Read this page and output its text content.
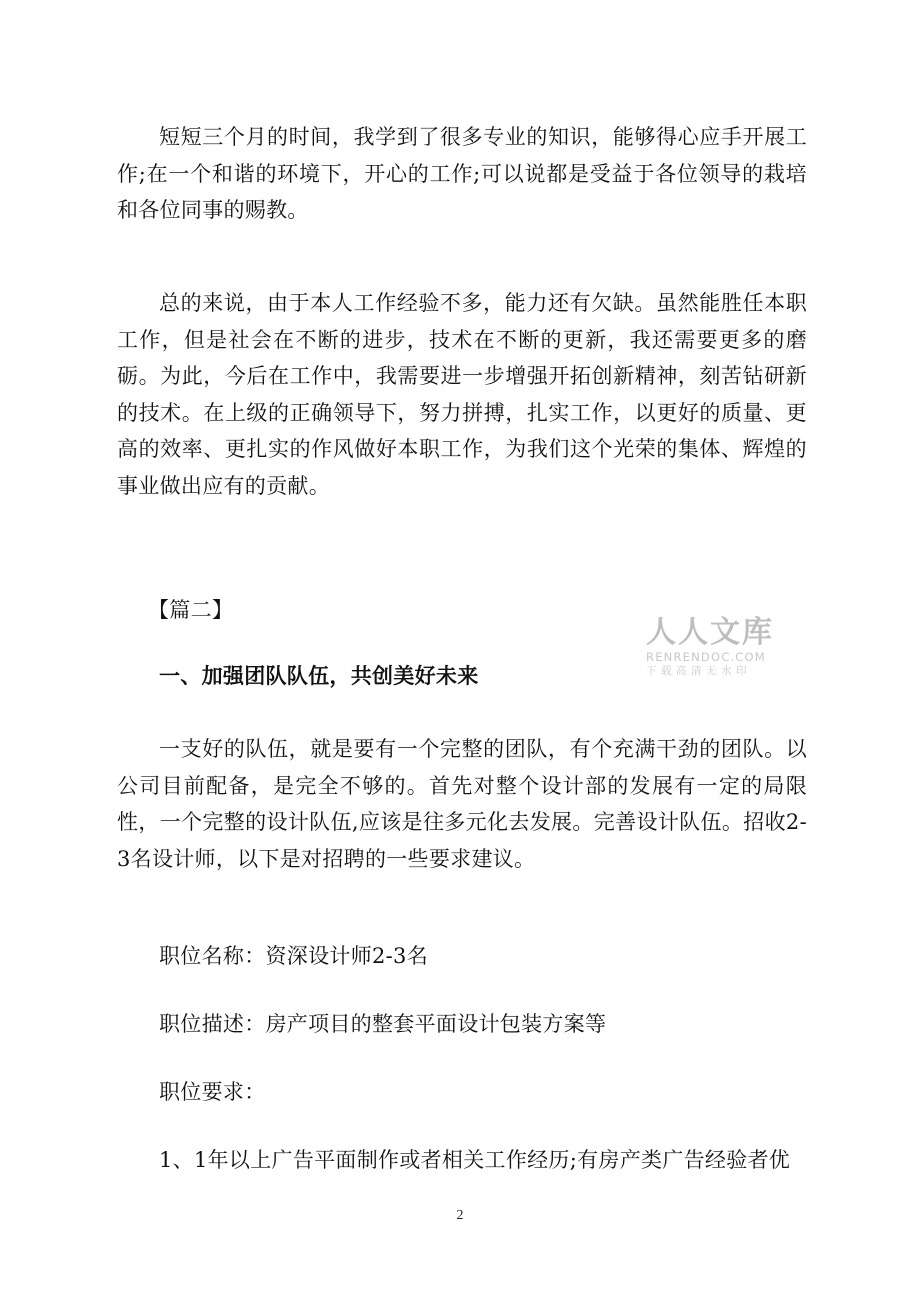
短短三个月的时间，我学到了很多专业的知识，能够得心应手开展工作;在一个和谐的环境下，开心的工作;可以说都是受益于各位领导的栽培和各位同事的赐教。

总的来说，由于本人工作经验不多，能力还有欠缺。虽然能胜任本职工作，但是社会在不断的进步，技术在不断的更新，我还需要更多的磨砺。为此，今后在工作中，我需要进一步增强开拓创新精神，刻苦钻研新的技术。在上级的正确领导下，努力拼搏，扎实工作，以更好的质量、更高的效率、更扎实的作风做好本职工作，为我们这个光荣的集体、辉煌的事业做出应有的贡献。

【篇二】

一、加强团队队伍，共创美好未来

一支好的队伍，就是要有一个完整的团队，有个充满干劲的团队。以公司目前配备，是完全不够的。首先对整个设计部的发展有一定的局限性，一个完整的设计队伍,应该是往多元化去发展。完善设计队伍。招收2-3名设计师，以下是对招聘的一些要求建议。

职位名称：资深设计师2-3名

职位描述：房产项目的整套平面设计包装方案等

职位要求：

1、1年以上广告平面制作或者相关工作经历;有房产类广告经验者优

人人文库
RENRENDOC.COM
下载高清无水印
2
